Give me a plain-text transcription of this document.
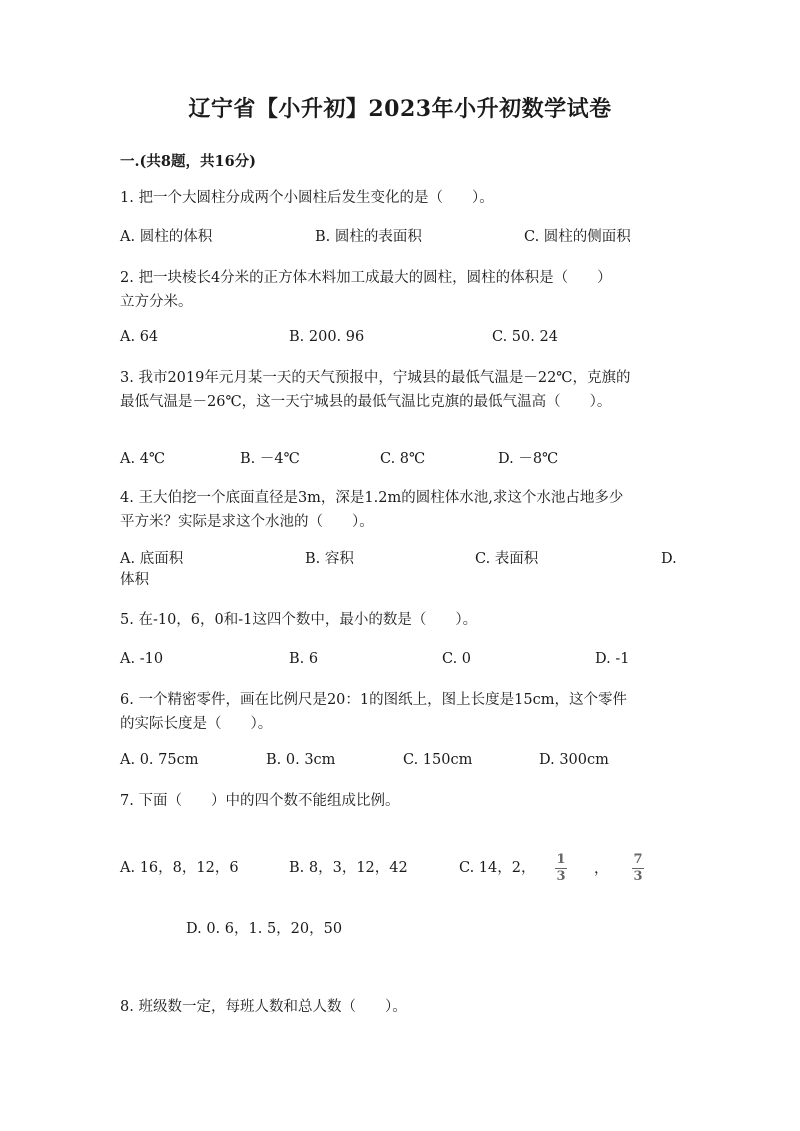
辽宁省【小升初】2023年小升初数学试卷
一.(共8题，共16分)
1. 把一个大圆柱分成两个小圆柱后发生变化的是（　　）。
A. 圆柱的体积	B. 圆柱的表面积	C. 圆柱的侧面积
2. 把一块棱长4分米的正方体木料加工成最大的圆柱，圆柱的体积是（　　）
立方分米。
A. 64	B. 200. 96	C. 50. 24
3. 我市2019年元月某一天的天气预报中，宁城县的最低气温是－22℃，克旗的
最低气温是－26℃，这一天宁城县的最低气温比克旗的最低气温高（　　）。
A. 4℃	B. －4℃	C. 8℃	D. －8℃
4. 王大伯挖一个底面直径是3m，深是1.2m的圆柱体水池,求这个水池占地多少
平方米？实际是求这个水池的（　　）。
A. 底面积	B. 容积	C. 表面积	D.
体积
5. 在-10，6，0和-1这四个数中，最小的数是（　　）。
A. -10	B. 6	C. 0	D. -1
6. 一个精密零件，画在比例尺是20：1的图纸上，图上长度是15cm，这个零件
的实际长度是（　　）。
A. 0. 75cm	B. 0. 3cm	C. 150cm	D. 300cm
7. 下面（　　）中的四个数不能组成比例。
A. 16，8，12，6	B. 8，3，12，42	C. 14，2，
1
3 ，
7
3
D. 0. 6，1. 5，20，50
8. 班级数一定，每班人数和总人数（　　）。
